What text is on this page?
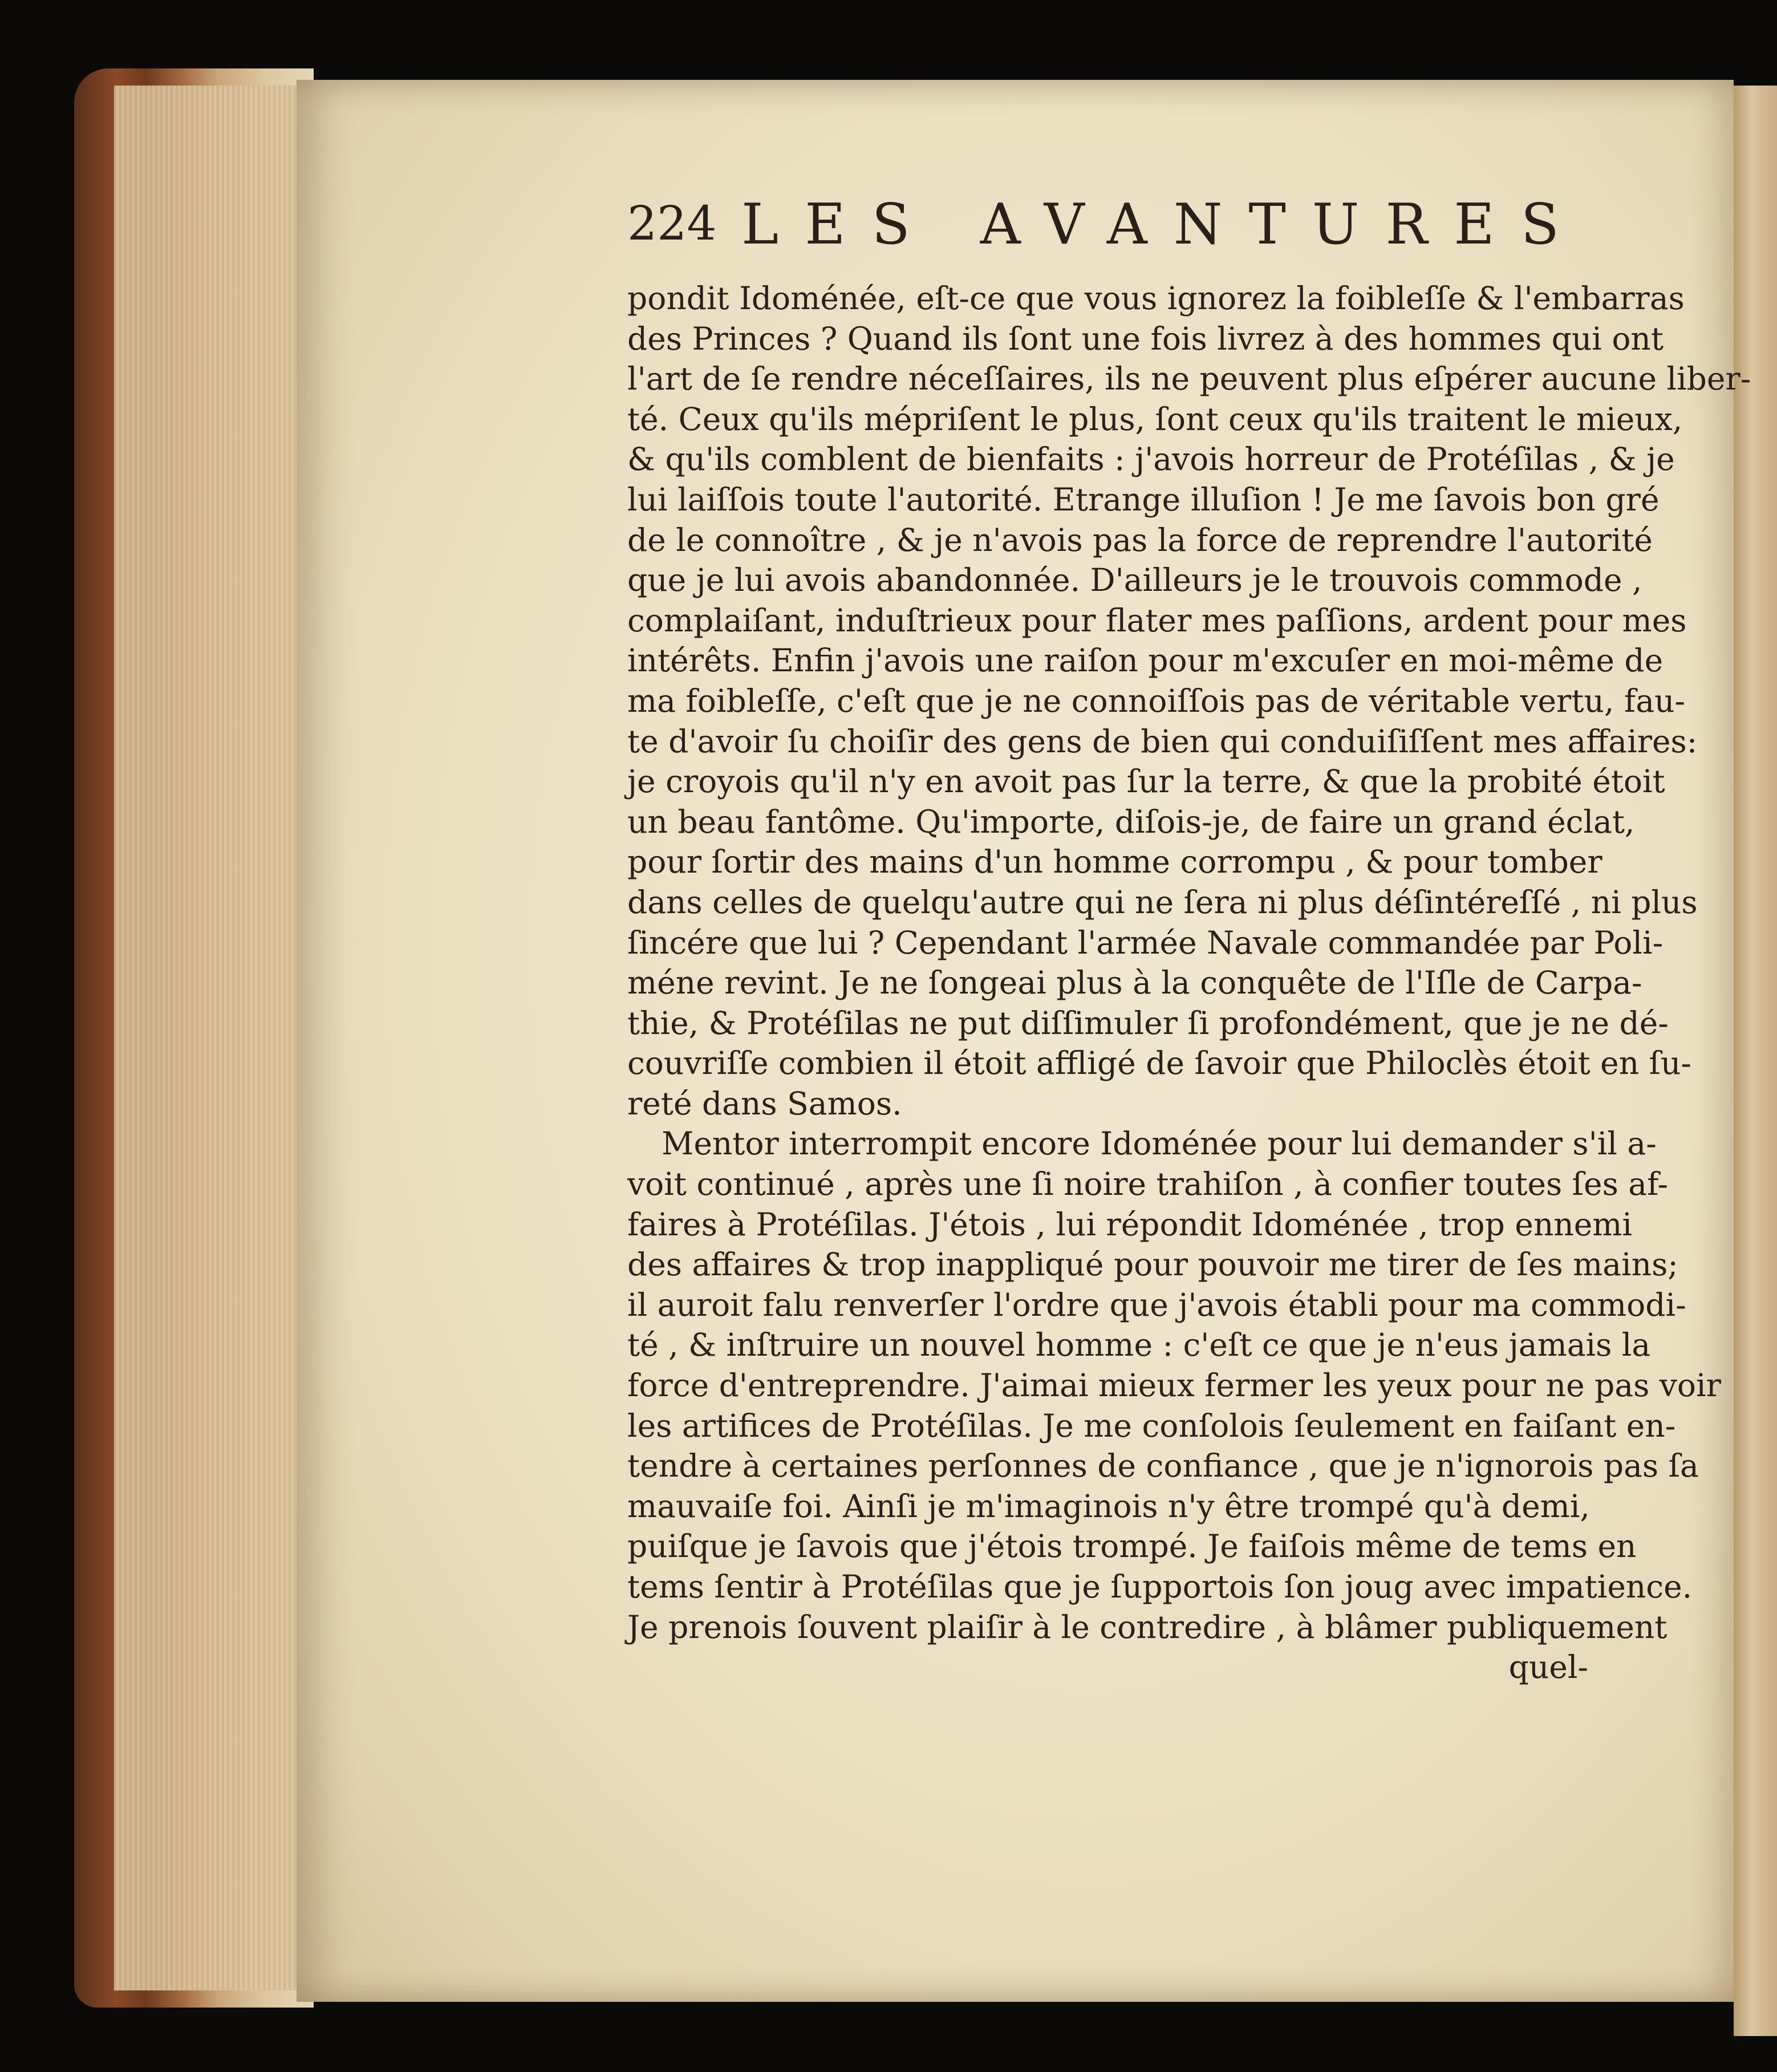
224 LES AVANTURES
pondit Idoménée, eſt-ce que vous ignorez la foibleſſe & l'embarras
des Princes ? Quand ils ſont une fois livrez à des hommes qui ont
l'art de ſe rendre néceſſaires, ils ne peuvent plus eſpérer aucune liber-
té. Ceux qu'ils mépriſent le plus, ſont ceux qu'ils traitent le mieux,
& qu'ils comblent de bienfaits : j'avois horreur de Protéſilas , & je
lui laiſſois toute l'autorité. Etrange illuſion ! Je me ſavois bon gré
de le connoître , & je n'avois pas la force de reprendre l'autorité
que je lui avois abandonnée. D'ailleurs je le trouvois commode ,
complaiſant, induſtrieux pour flater mes paſſions, ardent pour mes
intérêts. Enfin j'avois une raiſon pour m'excuſer en moi-même de
ma foibleſſe, c'eſt que je ne connoiſſois pas de véritable vertu, fau-
te d'avoir ſu choiſir des gens de bien qui conduiſiſſent mes affaires:
je croyois qu'il n'y en avoit pas ſur la terre, & que la probité étoit
un beau fantôme. Qu'importe, diſois-je, de faire un grand éclat,
pour ſortir des mains d'un homme corrompu , & pour tomber
dans celles de quelqu'autre qui ne ſera ni plus déſintéreſſé , ni plus
ſincére que lui ? Cependant l'armée Navale commandée par Poli-
méne revint. Je ne ſongeai plus à la conquête de l'Iſle de Carpa-
thie, & Protéſilas ne put diſſimuler ſi profondément, que je ne dé-
couvriſſe combien il étoit affligé de ſavoir que Philoclès étoit en ſu-
reté dans Samos.
Mentor interrompit encore Idoménée pour lui demander s'il a-
voit continué , après une ſi noire trahiſon , à confier toutes ſes af-
faires à Protéſilas. J'étois , lui répondit Idoménée , trop ennemi
des affaires & trop inappliqué pour pouvoir me tirer de ſes mains;
il auroit falu renverſer l'ordre que j'avois établi pour ma commodi-
té , & inſtruire un nouvel homme : c'eſt ce que je n'eus jamais la
force d'entreprendre. J'aimai mieux fermer les yeux pour ne pas voir
les artifices de Protéſilas. Je me conſolois ſeulement en faiſant en-
tendre à certaines perſonnes de confiance , que je n'ignorois pas ſa
mauvaiſe foi. Ainſi je m'imaginois n'y être trompé qu'à demi,
puiſque je ſavois que j'étois trompé. Je faiſois même de tems en
tems ſentir à Protéſilas que je ſupportois ſon joug avec impatience.
Je prenois ſouvent plaiſir à le contredire , à blâmer publiquement
quel-
